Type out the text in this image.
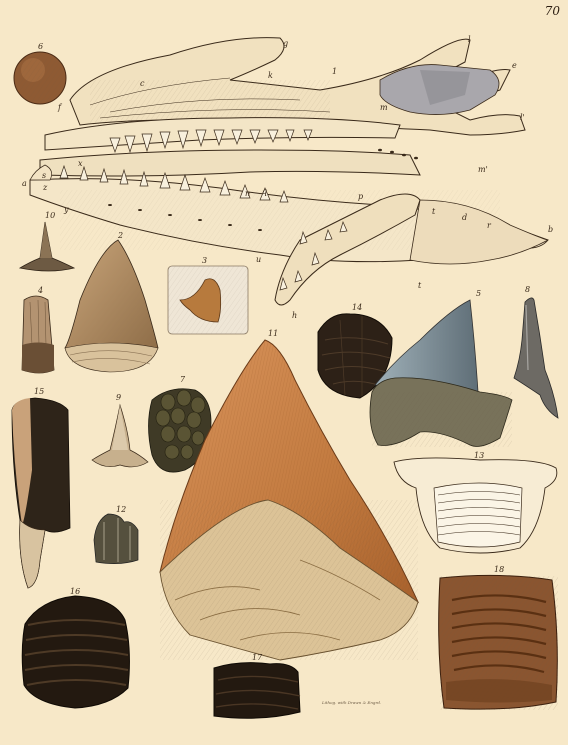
70
1
2
3
4	5
6
7
8
9
10
11
12
13
14
15
16
17
18
a
b
c
d
e
f
g
h
k
l
m
m'
n	p
q
r
s
t
t
u
x
y
z
l'
Lithog. with Drawn & Engrd.
